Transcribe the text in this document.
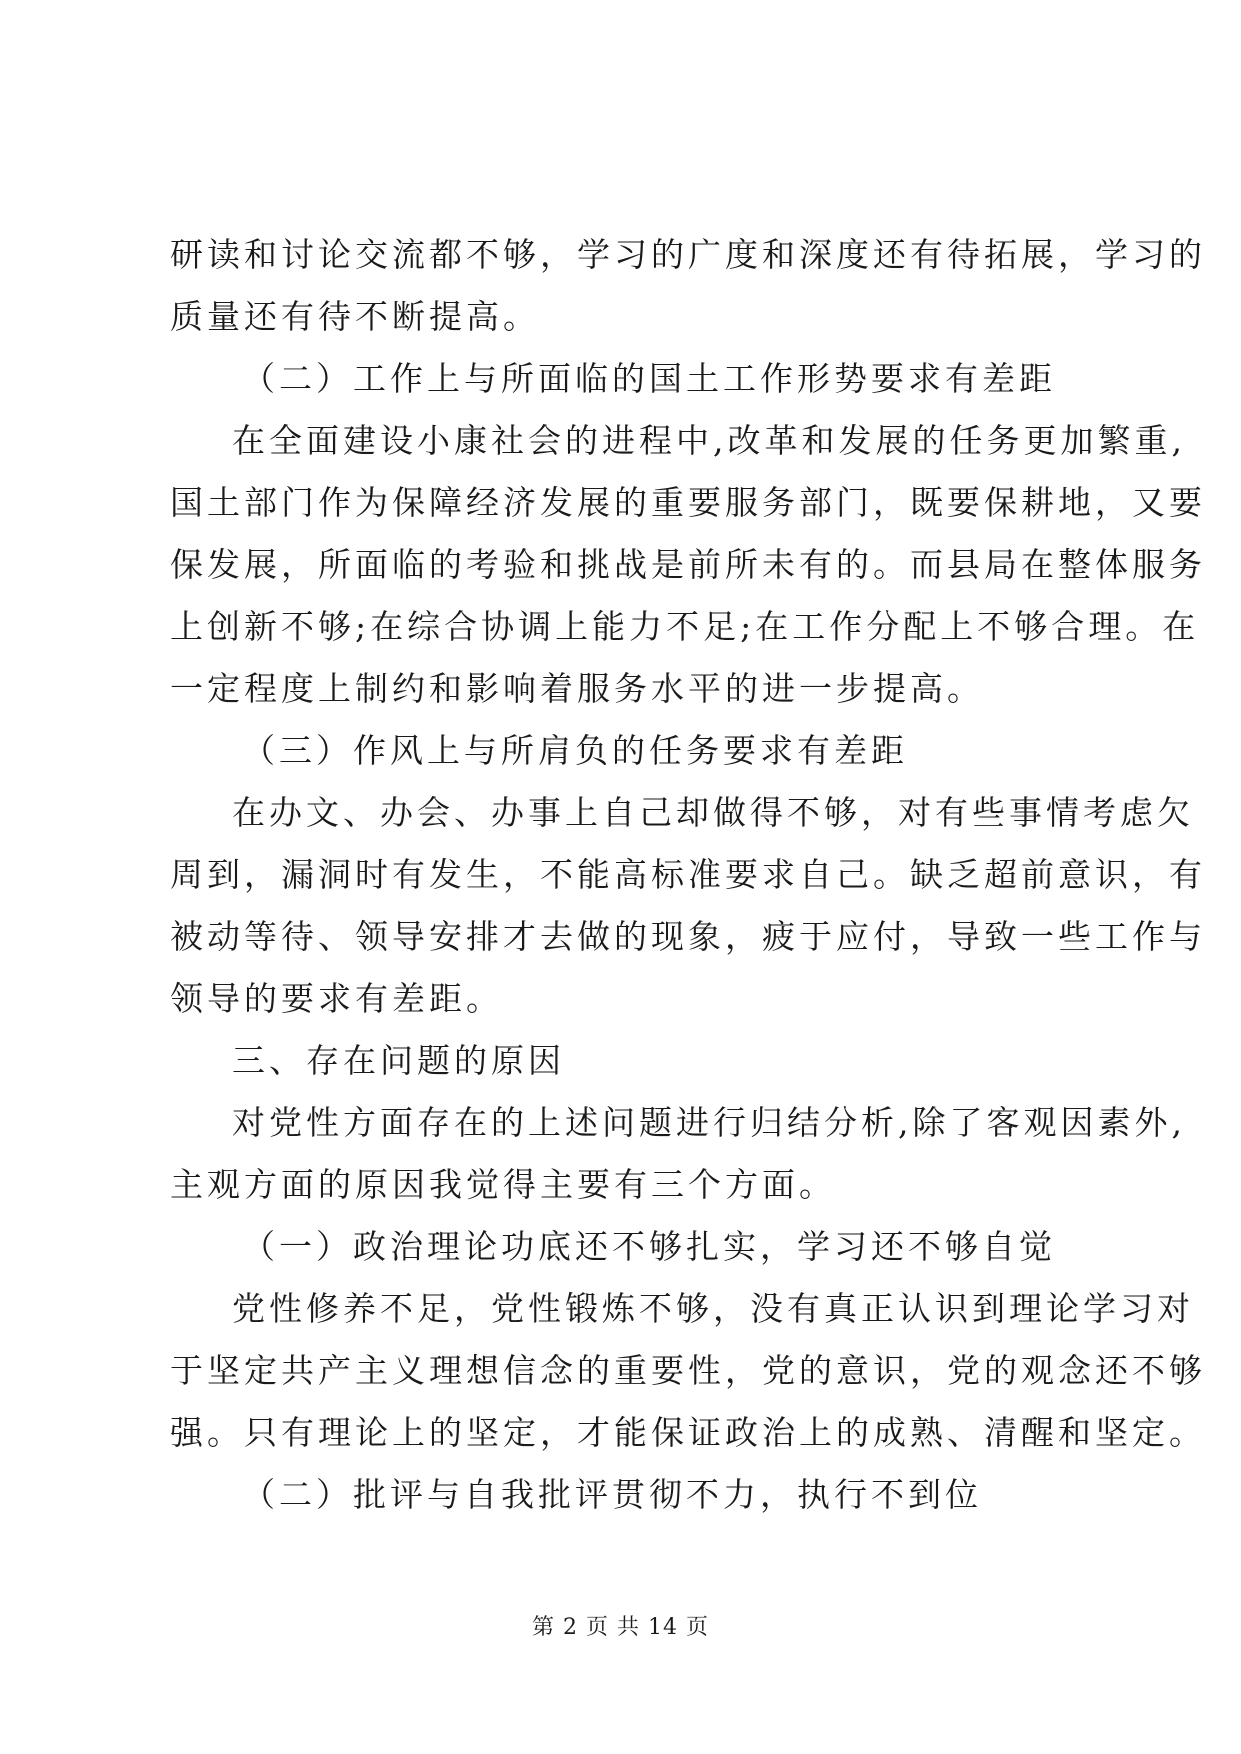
研读和讨论交流都不够，学习的广度和深度还有待拓展，学习的
质量还有待不断提高。
（二）工作上与所面临的国土工作形势要求有差距
在全面建设小康社会的进程中,改革和发展的任务更加繁重,
国土部门作为保障经济发展的重要服务部门，既要保耕地，又要
保发展，所面临的考验和挑战是前所未有的。而县局在整体服务
上创新不够;在综合协调上能力不足;在工作分配上不够合理。在
一定程度上制约和影响着服务水平的进一步提高。
（三）作风上与所肩负的任务要求有差距
在办文、办会、办事上自己却做得不够，对有些事情考虑欠
周到，漏洞时有发生，不能高标准要求自己。缺乏超前意识，有
被动等待、领导安排才去做的现象，疲于应付，导致一些工作与
领导的要求有差距。
三、存在问题的原因
对党性方面存在的上述问题进行归结分析,除了客观因素外,
主观方面的原因我觉得主要有三个方面。
（一）政治理论功底还不够扎实，学习还不够自觉
党性修养不足，党性锻炼不够，没有真正认识到理论学习对
于坚定共产主义理想信念的重要性，党的意识，党的观念还不够
强。只有理论上的坚定，才能保证政治上的成熟、清醒和坚定。
（二）批评与自我批评贯彻不力，执行不到位
第 2 页 共 14 页
